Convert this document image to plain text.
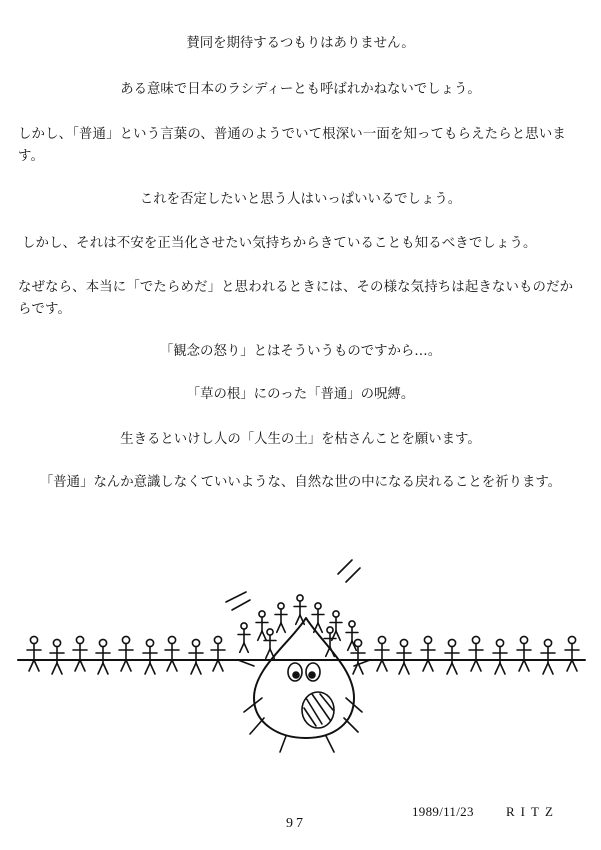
賛同を期待するつもりはありません。

ある意味で日本のラシディーとも呼ばれかねないでしょう。

しかし、「普通」という言葉の、普通のようでいて根深い一面を知ってもらえたらと思います。

これを否定したいと思う人はいっぱいいるでしょう。

しかし、それは不安を正当化させたい気持ちからきていることも知るべきでしょう。

なぜなら、本当に「でたらめだ」と思われるときには、その様な気持ちは起きないものだからです。

「観念の怒り」とはそういうものですから…。

「草の根」にのった「普通」の呪縛。

生きるといけし人の「人生の土」を枯さんことを願います。

「普通」なんか意識しなくていいような、自然な世の中になる戻れることを祈ります。

1989/11/23 RITZ
97
